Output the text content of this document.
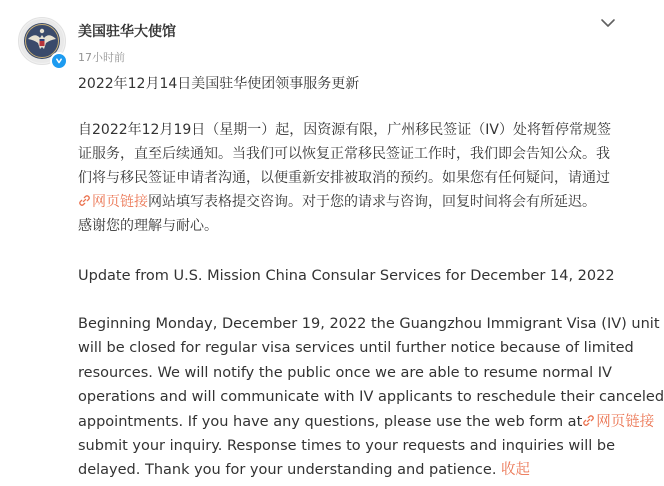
美国驻华大使馆
17小时前
2022年12月14日美国驻华使团领事服务更新
自2022年12月19日（星期一）起，因资源有限，广州移民签证（IV）处将暂停常规签
证服务，直至后续通知。当我们可以恢复正常移民签证工作时，我们即会告知公众。我
们将与移民签证申请者沟通，以便重新安排被取消的预约。如果您有任何疑问，请通过
网页链接网站填写表格提交咨询。对于您的请求与咨询，回复时间将会有所延迟。
感谢您的理解与耐心。
Update from U.S. Mission China Consular Services for December 14, 2022
Beginning Monday, December 19, 2022 the Guangzhou Immigrant Visa (IV) unit
will be closed for regular visa services until further notice because of limited
resources. We will notify the public once we are able to resume normal IV
operations and will communicate with IV applicants to reschedule their canceled
appointments. If you have any questions, please use the web form at 网页链接
submit your inquiry. Response times to your requests and inquiries will be
delayed. Thank you for your understanding and patience. 收起
